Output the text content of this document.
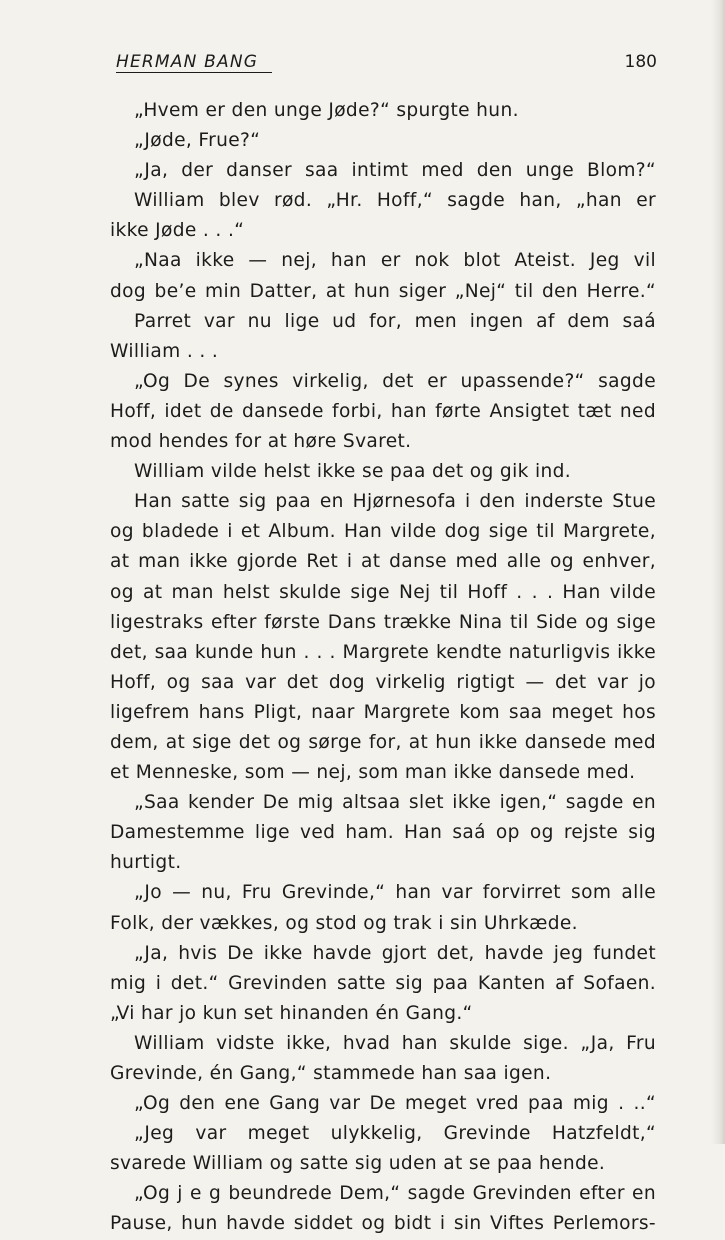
HERMAN BANG	180
„Hvem er den unge Jøde?“ spurgte hun.
„Jøde, Frue?“
„Ja, der danser saa intimt med den unge Blom?“
William blev rød. „Hr. Hoff,“ sagde han, „han er
ikke Jøde . . .“
„Naa ikke — nej, han er nok blot Ateist. Jeg vil
dog be’e min Datter, at hun siger „Nej“ til den Herre.“
Parret var nu lige ud for, men ingen af dem saá
William . . .
„Og De synes virkelig, det er upassende?“ sagde
Hoff, idet de dansede forbi, han førte Ansigtet tæt ned
mod hendes for at høre Svaret.
William vilde helst ikke se paa det og gik ind.
Han satte sig paa en Hjørnesofa i den inderste Stue
og bladede i et Album. Han vilde dog sige til Margrete,
at man ikke gjorde Ret i at danse med alle og enhver,
og at man helst skulde sige Nej til Hoff . . . Han vilde
ligestraks efter første Dans trække Nina til Side og sige
det, saa kunde hun . . . Margrete kendte naturligvis ikke
Hoff, og saa var det dog virkelig rigtigt — det var jo
ligefrem hans Pligt, naar Margrete kom saa meget hos
dem, at sige det og sørge for, at hun ikke dansede med
et Menneske, som — nej, som man ikke dansede med.
„Saa kender De mig altsaa slet ikke igen,“ sagde en
Damestemme lige ved ham. Han saá op og rejste sig
hurtigt.
„Jo — nu, Fru Grevinde,“ han var forvirret som alle
Folk, der vækkes, og stod og trak i sin Uhrkæde.
„Ja, hvis De ikke havde gjort det, havde jeg fundet
mig i det.“ Grevinden satte sig paa Kanten af Sofaen.
„Vi har jo kun set hinanden én Gang.“
William vidste ikke, hvad han skulde sige. „Ja, Fru
Grevinde, én Gang,“ stammede han saa igen.
„Og den ene Gang var De meget vred paa mig . ..“
„Jeg var meget ulykkelig, Grevinde Hatzfeldt,“
svarede William og satte sig uden at se paa hende.
„Og j e g beundrede Dem,“ sagde Grevinden efter en
Pause, hun havde siddet og bidt i sin Viftes Perlemors-
